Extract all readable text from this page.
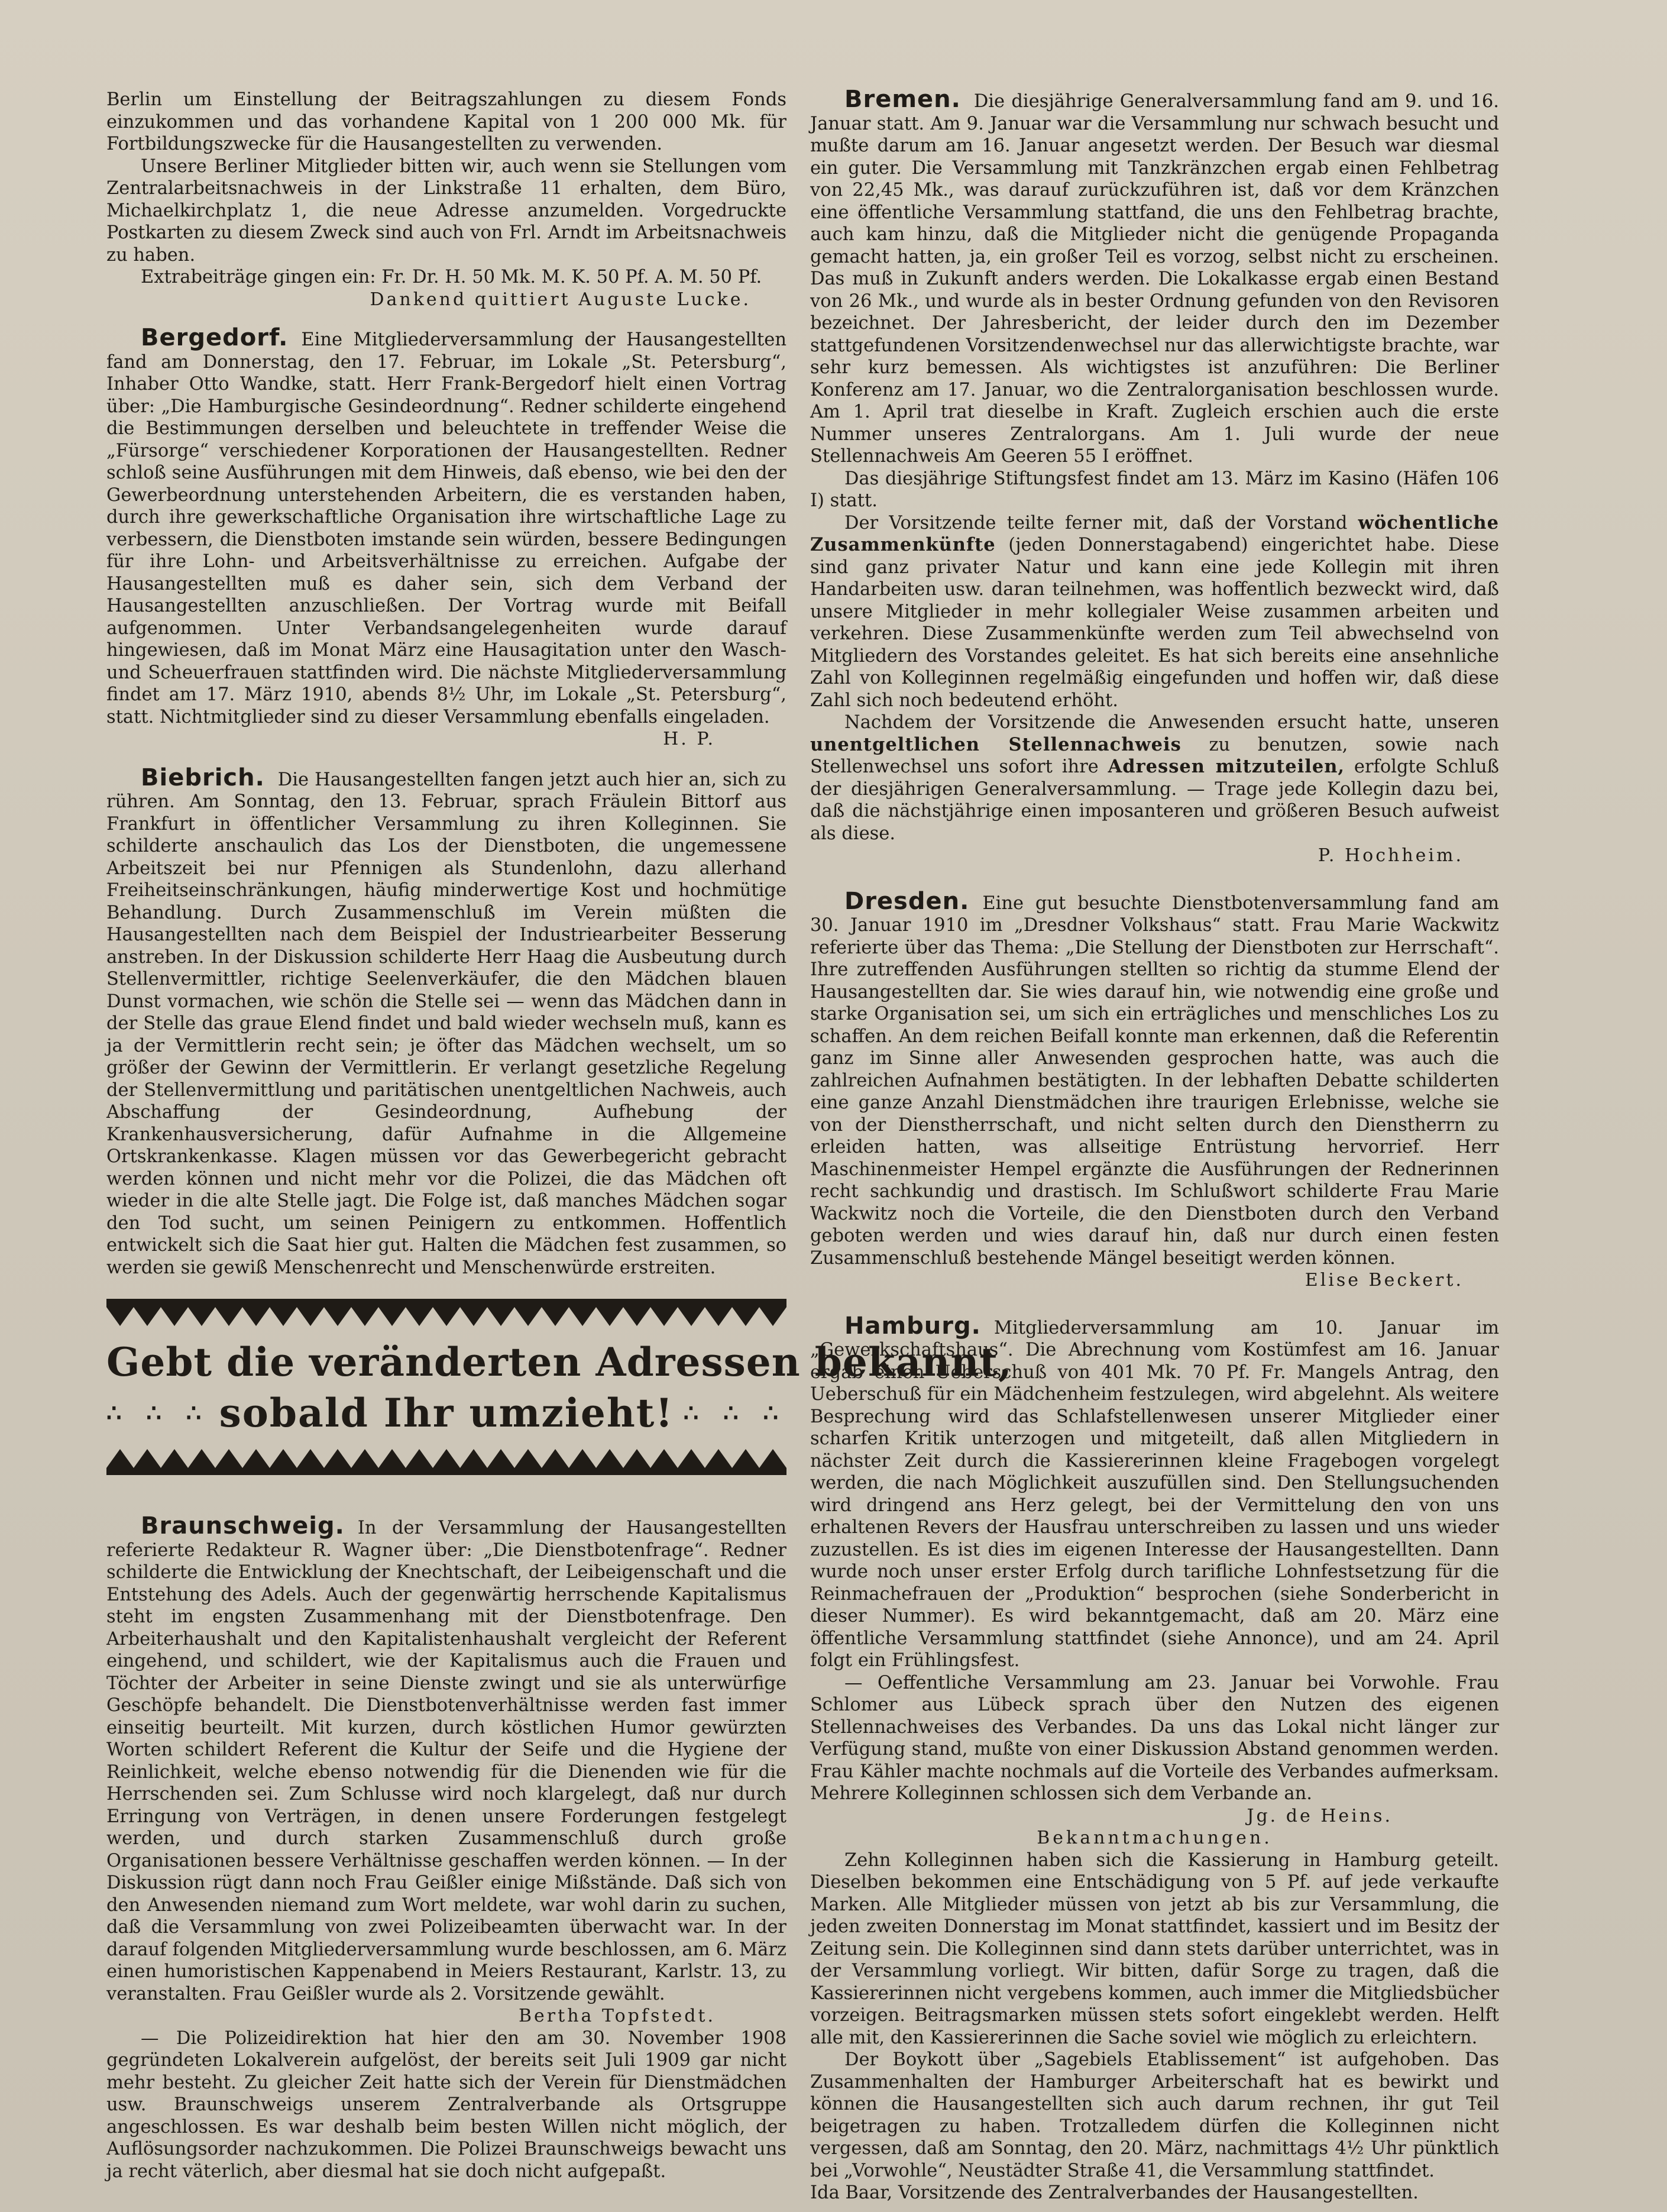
Berlin um Einstellung der Beitragszahlungen zu diesem Fonds einzukommen und das vorhandene Kapital von 1 200 000 Mk. für Fortbildungszwecke für die Hausangestellten zu verwenden.

Unsere Berliner Mitglieder bitten wir, auch wenn sie Stellungen vom Zentralarbeitsnachweis in der Linkstraße 11 erhalten, dem Büro, Michaelkirchplatz 1, die neue Adresse anzumelden. Vorgedruckte Postkarten zu diesem Zweck sind auch von Frl. Arndt im Arbeitsnachweis zu haben.

Extrabeiträge gingen ein: Fr. Dr. H. 50 Mk. M. K. 50 Pf. A. M. 50 Pf.

Dankend quittiert Auguste Lucke.

Bergedorf. Eine Mitgliederversammlung der Hausangestellten fand am Donnerstag, den 17. Februar, im Lokale „St. Petersburg“, Inhaber Otto Wandke, statt. Herr Frank-Bergedorf hielt einen Vortrag über: „Die Hamburgische Gesindeordnung“. Redner schilderte eingehend die Bestimmungen derselben und beleuchtete in treffender Weise die „Fürsorge“ verschiedener Korporationen der Hausangestellten. Redner schloß seine Ausführungen mit dem Hinweis, daß ebenso, wie bei den der Gewerbeordnung unterstehenden Arbeitern, die es verstanden haben, durch ihre gewerkschaftliche Organisation ihre wirtschaftliche Lage zu verbessern, die Dienstboten imstande sein würden, bessere Bedingungen für ihre Lohn- und Arbeitsverhältnisse zu erreichen. Aufgabe der Hausangestellten muß es daher sein, sich dem Verband der Hausangestellten anzuschließen. Der Vortrag wurde mit Beifall aufgenommen. Unter Verbandsangelegenheiten wurde darauf hingewiesen, daß im Monat März eine Hausagitation unter den Wasch- und Scheuerfrauen stattfinden wird. Die nächste Mitgliederversammlung findet am 17. März 1910, abends 8½ Uhr, im Lokale „St. Petersburg“, statt. Nichtmitglieder sind zu dieser Versammlung ebenfalls eingeladen.

H. P.

Biebrich. Die Hausangestellten fangen jetzt auch hier an, sich zu rühren. Am Sonntag, den 13. Februar, sprach Fräulein Bittorf aus Frankfurt in öffentlicher Versammlung zu ihren Kolleginnen. Sie schilderte anschaulich das Los der Dienstboten, die ungemessene Arbeitszeit bei nur Pfennigen als Stundenlohn, dazu allerhand Freiheitseinschränkungen, häufig minderwertige Kost und hochmütige Behandlung. Durch Zusammenschluß im Verein müßten die Hausangestellten nach dem Beispiel der Industriearbeiter Besserung anstreben. In der Diskussion schilderte Herr Haag die Ausbeutung durch Stellenvermittler, richtige Seelenverkäufer, die den Mädchen blauen Dunst vormachen, wie schön die Stelle sei — wenn das Mädchen dann in der Stelle das graue Elend findet und bald wieder wechseln muß, kann es ja der Vermittlerin recht sein; je öfter das Mädchen wechselt, um so größer der Gewinn der Vermittlerin. Er verlangt gesetzliche Regelung der Stellenvermittlung und paritätischen unentgeltlichen Nachweis, auch Abschaffung der Gesindeordnung, Aufhebung der Krankenhausversicherung, dafür Aufnahme in die Allgemeine Ortskrankenkasse. Klagen müssen vor das Gewerbegericht gebracht werden können und nicht mehr vor die Polizei, die das Mädchen oft wieder in die alte Stelle jagt. Die Folge ist, daß manches Mädchen sogar den Tod sucht, um seinen Peinigern zu entkommen. Hoffentlich entwickelt sich die Saat hier gut. Halten die Mädchen fest zusammen, so werden sie gewiß Menschenrecht und Menschenwürde erstreiten.

Gebt die veränderten Adressen bekannt,
∴ ∴ ∴ sobald Ihr umzieht! ∴ ∴ ∴

Braunschweig. In der Versammlung der Hausangestellten referierte Redakteur R. Wagner über: „Die Dienstbotenfrage“. Redner schilderte die Entwicklung der Knechtschaft, der Leibeigenschaft und die Entstehung des Adels. Auch der gegenwärtig herrschende Kapitalismus steht im engsten Zusammenhang mit der Dienstbotenfrage. Den Arbeiterhaushalt und den Kapitalistenhaushalt vergleicht der Referent eingehend, und schildert, wie der Kapitalismus auch die Frauen und Töchter der Arbeiter in seine Dienste zwingt und sie als unterwürfige Geschöpfe behandelt. Die Dienstbotenverhältnisse werden fast immer einseitig beurteilt. Mit kurzen, durch köstlichen Humor gewürzten Worten schildert Referent die Kultur der Seife und die Hygiene der Reinlichkeit, welche ebenso notwendig für die Dienenden wie für die Herrschenden sei. Zum Schlusse wird noch klargelegt, daß nur durch Erringung von Verträgen, in denen unsere Forderungen festgelegt werden, und durch starken Zusammenschluß durch große Organisationen bessere Verhältnisse geschaffen werden können. — In der Diskussion rügt dann noch Frau Geißler einige Mißstände. Daß sich von den Anwesenden niemand zum Wort meldete, war wohl darin zu suchen, daß die Versammlung von zwei Polizeibeamten überwacht war. In der darauf folgenden Mitgliederversammlung wurde beschlossen, am 6. März einen humoristischen Kappenabend in Meiers Restaurant, Karlstr. 13, zu veranstalten. Frau Geißler wurde als 2. Vorsitzende gewählt.

Bertha Topfstedt.

— Die Polizeidirektion hat hier den am 30. November 1908 gegründeten Lokalverein aufgelöst, der bereits seit Juli 1909 gar nicht mehr besteht. Zu gleicher Zeit hatte sich der Verein für Dienstmädchen usw. Braunschweigs unserem Zentralverbande als Ortsgruppe angeschlossen. Es war deshalb beim besten Willen nicht möglich, der Auflösungsorder nachzukommen. Die Polizei Braunschweigs bewacht uns ja recht väterlich, aber diesmal hat sie doch nicht aufgepaßt.

Bremen. Die diesjährige Generalversammlung fand am 9. und 16. Januar statt. Am 9. Januar war die Versammlung nur schwach besucht und mußte darum am 16. Januar angesetzt werden. Der Besuch war diesmal ein guter. Die Versammlung mit Tanzkränzchen ergab einen Fehlbetrag von 22,45 Mk., was darauf zurückzuführen ist, daß vor dem Kränzchen eine öffentliche Versammlung stattfand, die uns den Fehlbetrag brachte, auch kam hinzu, daß die Mitglieder nicht die genügende Propaganda gemacht hatten, ja, ein großer Teil es vorzog, selbst nicht zu erscheinen. Das muß in Zukunft anders werden. Die Lokalkasse ergab einen Bestand von 26 Mk., und wurde als in bester Ordnung gefunden von den Revisoren bezeichnet. Der Jahresbericht, der leider durch den im Dezember stattgefundenen Vorsitzendenwechsel nur das allerwichtigste brachte, war sehr kurz bemessen. Als wichtigstes ist anzuführen: Die Berliner Konferenz am 17. Januar, wo die Zentralorganisation beschlossen wurde. Am 1. April trat dieselbe in Kraft. Zugleich erschien auch die erste Nummer unseres Zentralorgans. Am 1. Juli wurde der neue Stellennachweis Am Geeren 55 I eröffnet.

Das diesjährige Stiftungsfest findet am 13. März im Kasino (Häfen 106 I) statt.

Der Vorsitzende teilte ferner mit, daß der Vorstand wöchentliche Zusammenkünfte (jeden Donnerstagabend) eingerichtet habe. Diese sind ganz privater Natur und kann eine jede Kollegin mit ihren Handarbeiten usw. daran teilnehmen, was hoffentlich bezweckt wird, daß unsere Mitglieder in mehr kollegialer Weise zusammen arbeiten und verkehren. Diese Zusammenkünfte werden zum Teil abwechselnd von Mitgliedern des Vorstandes geleitet. Es hat sich bereits eine ansehnliche Zahl von Kolleginnen regelmäßig eingefunden und hoffen wir, daß diese Zahl sich noch bedeutend erhöht.

Nachdem der Vorsitzende die Anwesenden ersucht hatte, unseren unentgeltlichen Stellennachweis zu benutzen, sowie nach Stellenwechsel uns sofort ihre Adressen mitzuteilen, erfolgte Schluß der diesjährigen Generalversammlung. — Trage jede Kollegin dazu bei, daß die nächstjährige einen imposanteren und größeren Besuch aufweist als diese.

P. Hochheim.

Dresden. Eine gut besuchte Dienstbotenversammlung fand am 30. Januar 1910 im „Dresdner Volkshaus“ statt. Frau Marie Wackwitz referierte über das Thema: „Die Stellung der Dienstboten zur Herrschaft“. Ihre zutreffenden Ausführungen stellten so richtig da stumme Elend der Hausangestellten dar. Sie wies darauf hin, wie notwendig eine große und starke Organisation sei, um sich ein erträgliches und menschliches Los zu schaffen. An dem reichen Beifall konnte man erkennen, daß die Referentin ganz im Sinne aller Anwesenden gesprochen hatte, was auch die zahlreichen Aufnahmen bestätigten. In der lebhaften Debatte schilderten eine ganze Anzahl Dienstmädchen ihre traurigen Erlebnisse, welche sie von der Dienstherrschaft, und nicht selten durch den Dienstherrn zu erleiden hatten, was allseitige Entrüstung hervorrief. Herr Maschinenmeister Hempel ergänzte die Ausführungen der Rednerinnen recht sachkundig und drastisch. Im Schlußwort schilderte Frau Marie Wackwitz noch die Vorteile, die den Dienstboten durch den Verband geboten werden und wies darauf hin, daß nur durch einen festen Zusammenschluß bestehende Mängel beseitigt werden können.

Elise Beckert.

Hamburg. Mitgliederversammlung am 10. Januar im „Gewerkschaftshaus“. Die Abrechnung vom Kostümfest am 16. Januar ergab einen Ueberschuß von 401 Mk. 70 Pf. Fr. Mangels Antrag, den Ueberschuß für ein Mädchenheim festzulegen, wird abgelehnt. Als weitere Besprechung wird das Schlafstellenwesen unserer Mitglieder einer scharfen Kritik unterzogen und mitgeteilt, daß allen Mitgliedern in nächster Zeit durch die Kassiererinnen kleine Fragebogen vorgelegt werden, die nach Möglichkeit auszufüllen sind. Den Stellungsuchenden wird dringend ans Herz gelegt, bei der Vermittelung den von uns erhaltenen Revers der Hausfrau unterschreiben zu lassen und uns wieder zuzustellen. Es ist dies im eigenen Interesse der Hausangestellten. Dann wurde noch unser erster Erfolg durch tarifliche Lohnfestsetzung für die Reinmachefrauen der „Produktion“ besprochen (siehe Sonderbericht in dieser Nummer). Es wird bekanntgemacht, daß am 20. März eine öffentliche Versammlung stattfindet (siehe Annonce), und am 24. April folgt ein Frühlingsfest.

— Oeffentliche Versammlung am 23. Januar bei Vorwohle. Frau Schlomer aus Lübeck sprach über den Nutzen des eigenen Stellennachweises des Verbandes. Da uns das Lokal nicht länger zur Verfügung stand, mußte von einer Diskussion Abstand genommen werden. Frau Kähler machte nochmals auf die Vorteile des Verbandes aufmerksam. Mehrere Kolleginnen schlossen sich dem Verbande an.

Jg. de Heins.

Bekanntmachungen.

Zehn Kolleginnen haben sich die Kassierung in Hamburg geteilt. Dieselben bekommen eine Entschädigung von 5 Pf. auf jede verkaufte Marken. Alle Mitglieder müssen von jetzt ab bis zur Versammlung, die jeden zweiten Donnerstag im Monat stattfindet, kassiert und im Besitz der Zeitung sein. Die Kolleginnen sind dann stets darüber unterrichtet, was in der Versammlung vorliegt. Wir bitten, dafür Sorge zu tragen, daß die Kassiererinnen nicht vergebens kommen, auch immer die Mitgliedsbücher vorzeigen. Beitragsmarken müssen stets sofort eingeklebt werden. Helft alle mit, den Kassiererinnen die Sache soviel wie möglich zu erleichtern.

Der Boykott über „Sagebiels Etablissement“ ist aufgehoben. Das Zusammenhalten der Hamburger Arbeiterschaft hat es bewirkt und können die Hausangestellten sich auch darum rechnen, ihr gut Teil beigetragen zu haben. Trotzalledem dürfen die Kolleginnen nicht vergessen, daß am Sonntag, den 20. März, nachmittags 4½ Uhr pünktlich bei „Vorwohle“, Neustädter Straße 41, die Versammlung stattfindet.

Ida Baar, Vorsitzende des Zentralverbandes der Hausangestellten.
